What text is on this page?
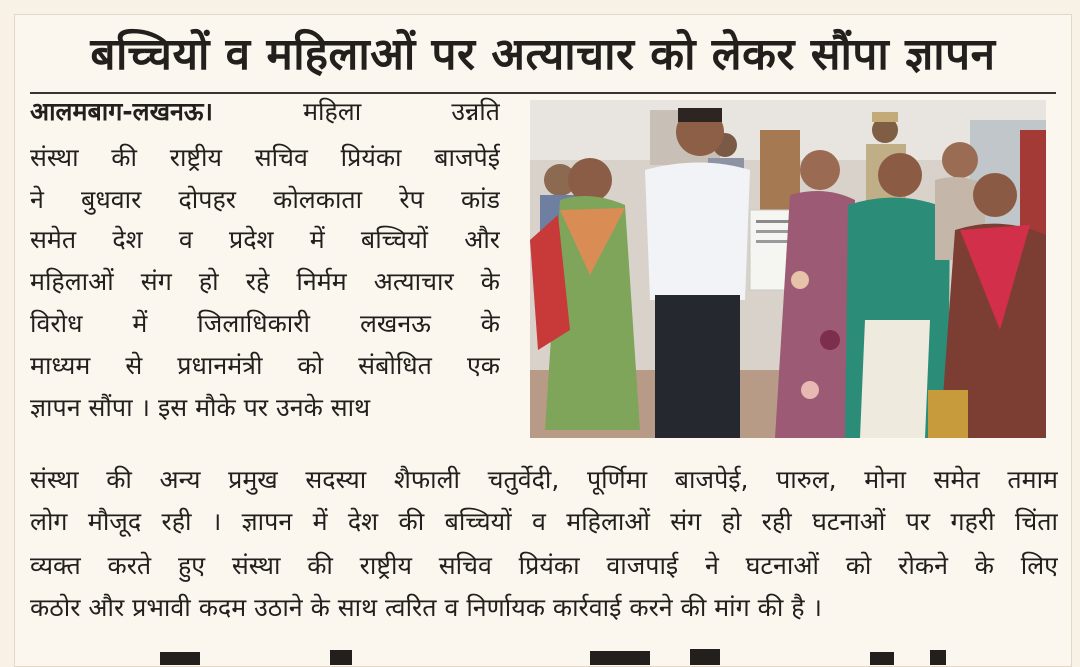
बच्चियों व महिलाओं पर अत्याचार को लेकर सौंपा ज्ञापन
आलमबाग-लखनऊ। महिला उन्नति
संस्था की राष्ट्रीय सचिव प्रियंका बाजपेई
ने बुधवार दोपहर कोलकाता रेप कांड
समेत देश व प्रदेश में बच्चियों और
महिलाओं संग हो रहे निर्मम अत्याचार के
विरोध में जिलाधिकारी लखनऊ के
माध्यम से प्रधानमंत्री को संबोधित एक
ज्ञापन सौंपा । इस मौके पर उनके साथ
संस्था की अन्य प्रमुख सदस्या शैफाली चतुर्वेदी, पूर्णिमा बाजपेई, पारुल, मोना समेत तमाम
लोग मौजूद रही । ज्ञापन में देश की बच्चियों व महिलाओं संग हो रही घटनाओं पर गहरी चिंता
व्यक्त करते हुए संस्था की राष्ट्रीय सचिव प्रियंका वाजपाई ने घटनाओं को रोकने के लिए
कठोर और प्रभावी कदम उठाने के साथ त्वरित व निर्णायक कार्रवाई करने की मांग की है ।
